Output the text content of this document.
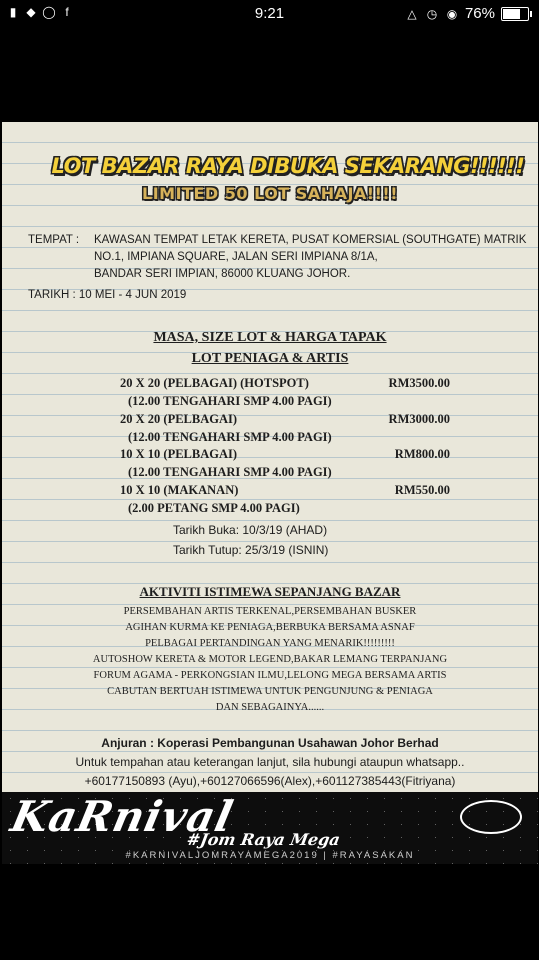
▮ ◆ ◯ f	9:21	△ ◷ ◉ 76%
LOT BAZAR RAYA DIBUKA SEKARANG!!!!!!
LIMITED 50 LOT SAHAJA!!!!
TEMPAT :	KAWASAN TEMPAT LETAK KERETA, PUSAT KOMERSIAL (SOUTHGATE) MATRIK
NO.1, IMPIANA SQUARE, JALAN SERI IMPIANA 8/1A,
BANDAR SERI IMPIAN, 86000 KLUANG JOHOR.
TARIKH : 10 MEI - 4 JUN 2019
MASA, SIZE LOT & HARGA TAPAK
LOT PENIAGA & ARTIS
20 X 20 (PELBAGAI) (HOTSPOT)	RM3500.00
(12.00 TENGAHARI SMP 4.00 PAGI)
20 X 20 (PELBAGAI)	RM3000.00
(12.00 TENGAHARI SMP 4.00 PAGI)
10 X 10 (PELBAGAI)	RM800.00
(12.00 TENGAHARI SMP 4.00 PAGI)
10 X 10 (MAKANAN)	RM550.00
(2.00 PETANG SMP 4.00 PAGI)
Tarikh Buka: 10/3/19 (AHAD)
Tarikh Tutup: 25/3/19 (ISNIN)
AKTIVITI ISTIMEWA SEPANJANG BAZAR
PERSEMBAHAN ARTIS TERKENAL,PERSEMBAHAN BUSKER
AGIHAN KURMA KE PENIAGA,BERBUKA BERSAMA ASNAF
PELBAGAI PERTANDINGAN YANG MENARIK!!!!!!!!!
AUTOSHOW KERETA & MOTOR LEGEND,BAKAR LEMANG TERPANJANG
FORUM AGAMA - PERKONGSIAN ILMU,LELONG MEGA BERSAMA ARTIS
CABUTAN BERTUAH ISTIMEWA UNTUK PENGUNJUNG & PENIAGA
DAN SEBAGAINYA......
Anjuran : Koperasi Pembangunan Usahawan Johor Berhad
Untuk tempahan atau keterangan lanjut, sila hubungi ataupun whatsapp..
+60177150893 (Ayu),+60127066596(Alex),+601127385443(Fitriyana)
KaRnival
#Jom Raya Mega
#KARNIVALJOMRAYAMEGA2019 | #RAYASAKAN
